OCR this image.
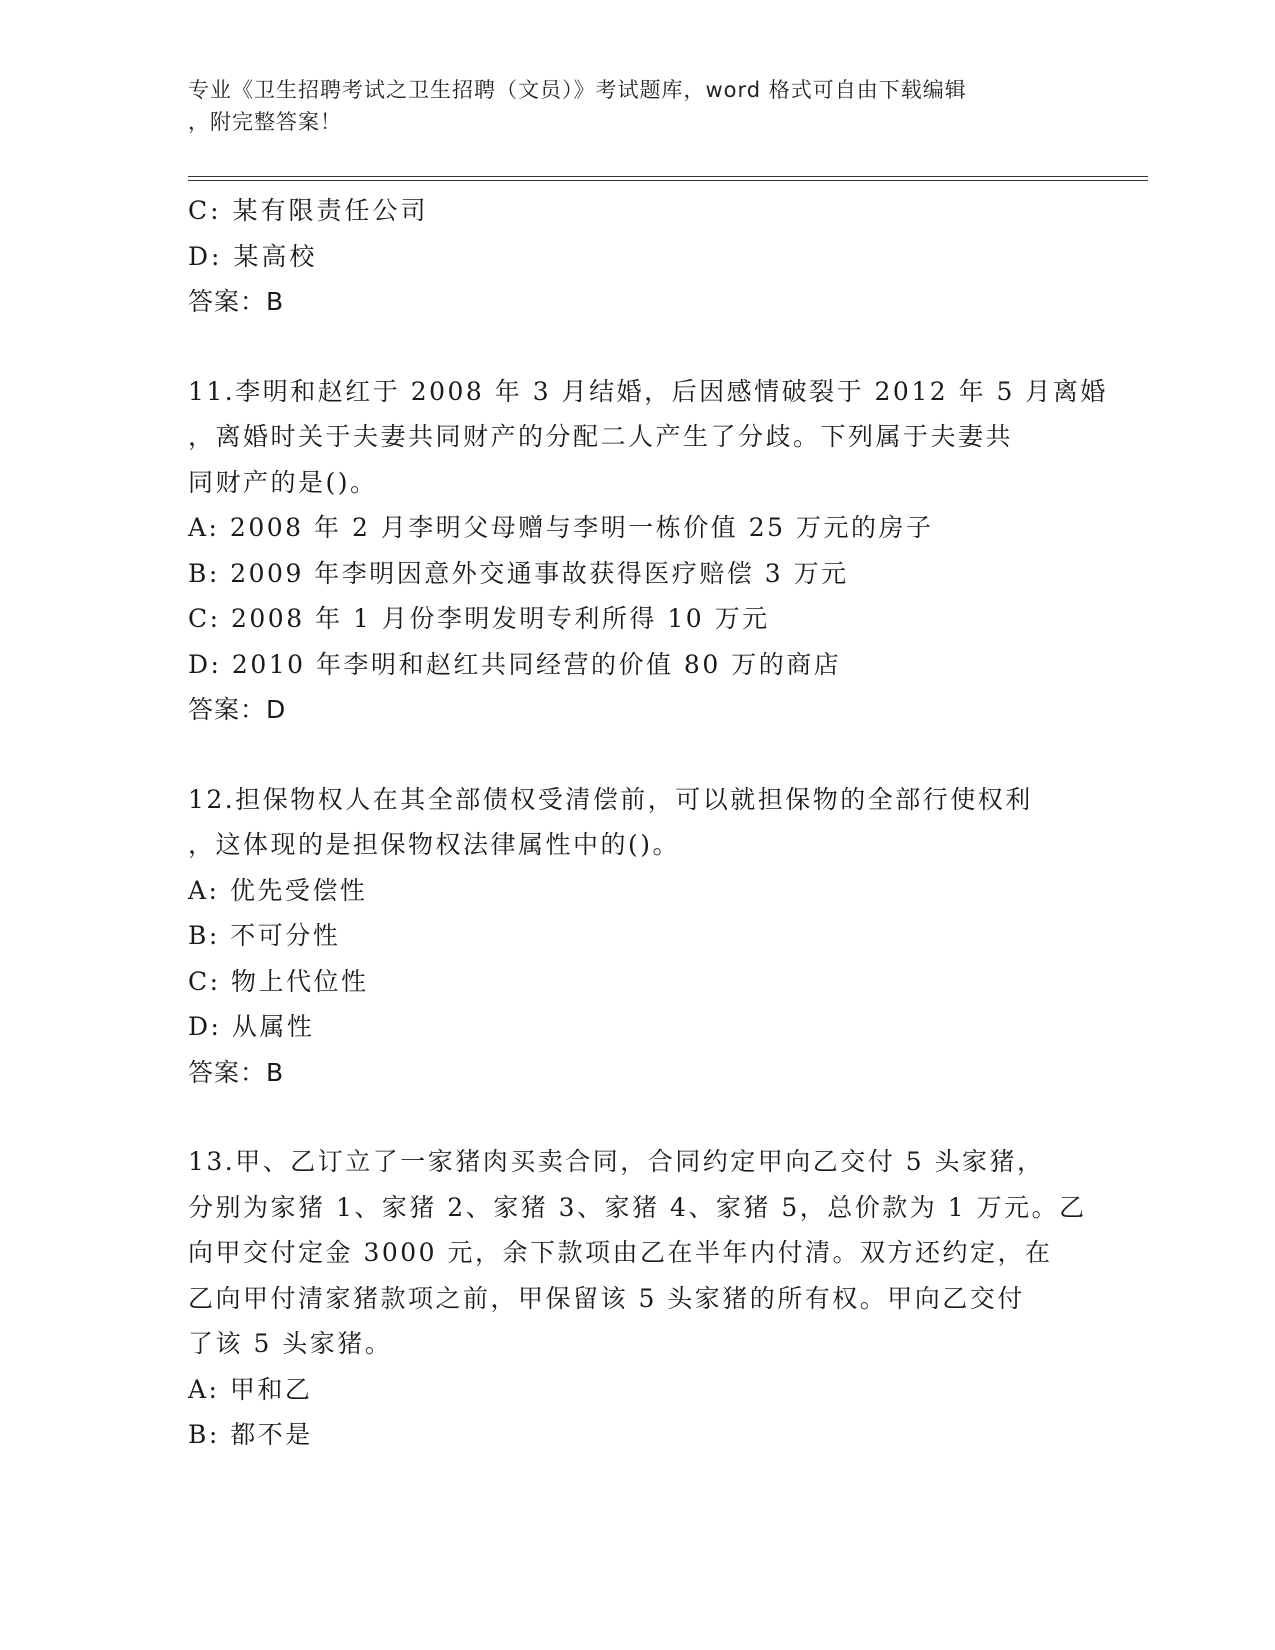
专业《卫生招聘考试之卫生招聘（文员）》考试题库，word 格式可自由下载编辑
，附完整答案！
C: 某有限责任公司
D: 某高校
答案：B
11.李明和赵红于 2008 年 3 月结婚，后因感情破裂于 2012 年 5 月离婚
，离婚时关于夫妻共同财产的分配二人产生了分歧。下列属于夫妻共
同财产的是()。
A: 2008 年 2 月李明父母赠与李明一栋价值 25 万元的房子
B: 2009 年李明因意外交通事故获得医疗赔偿 3 万元
C: 2008 年 1 月份李明发明专利所得 10 万元
D: 2010 年李明和赵红共同经营的价值 80 万的商店
答案：D
12.担保物权人在其全部债权受清偿前，可以就担保物的全部行使权利
，这体现的是担保物权法律属性中的()。
A: 优先受偿性
B: 不可分性
C: 物上代位性
D: 从属性
答案：B
13.甲、乙订立了一家猪肉买卖合同，合同约定甲向乙交付 5 头家猪，
分别为家猪 1、家猪 2、家猪 3、家猪 4、家猪 5，总价款为 1 万元。乙
向甲交付定金 3000 元，余下款项由乙在半年内付清。双方还约定，在
乙向甲付清家猪款项之前，甲保留该 5 头家猪的所有权。甲向乙交付
了该 5 头家猪。
A: 甲和乙
B: 都不是
